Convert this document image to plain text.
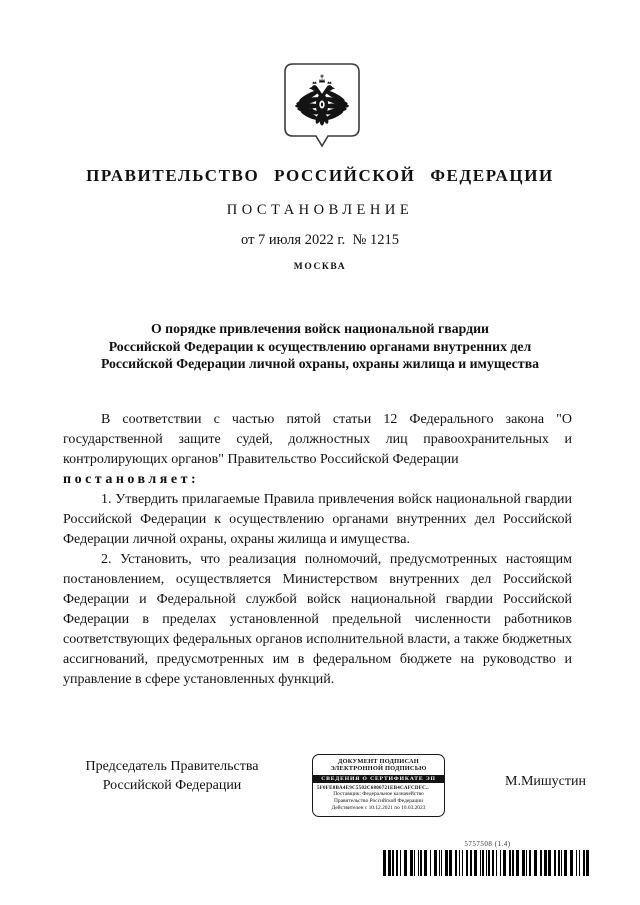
ПРАВИТЕЛЬСТВО РОССИЙСКОЙ ФЕДЕРАЦИИ
ПОСТАНОВЛЕНИЕ
от 7 июля 2022 г.  № 1215
МОСКВА
О порядке привлечения войск национальной гвардии
Российской Федерации к осуществлению органами внутренних дел
Российской Федерации личной охраны, охраны жилища и имущества

В соответствии с частью пятой статьи 12 Федерального закона "О государственной защите судей, должностных лиц правоохранительных и контролирующих органов" Правительство Российской Федерации

постановляет:

1. Утвердить прилагаемые Правила привлечения войск национальной гвардии Российской Федерации к осуществлению органами внутренних дел Российской Федерации личной охраны, охраны жилища и имущества.

2. Установить, что реализация полномочий, предусмотренных настоящим постановлением, осуществляется Министерством внутренних дел Российской Федерации и Федеральной службой войск национальной гвардии Российской Федерации в пределах установленной предельной численности работников соответствующих федеральных органов исполнительной власти, а также бюджетных ассигнований, предусмотренных им в федеральном бюджете на руководство и управление в сфере установленных функций.

Председатель Правительства
Российской Федерации
ДОКУМЕНТ ПОДПИСАН
ЭЛЕКТРОННОЙ ПОДПИСЬЮ
СВЕДЕНИЯ О СЕРТИФИКАТЕ ЭП
5F0FE0BA4E9C5502C6806721EB4CAFCDFC..
Поставщик: Федеральное казначейство
Правительство Российской Федерации
Действителен с 10.12.2021 по 10.03.2023
М.Мишустин
5757508 (1.4)
